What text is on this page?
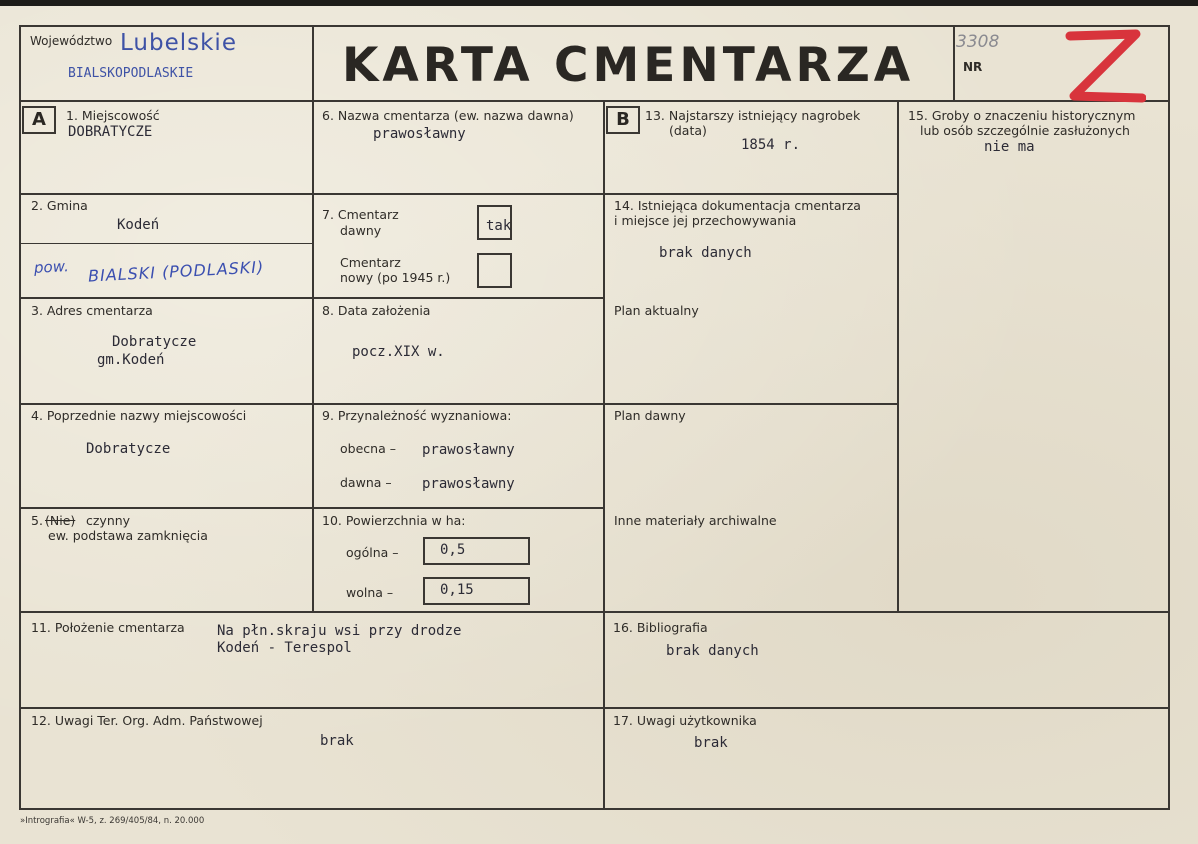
Województwo Lubelskie
BIALSKOPODLASKIE	KARTA CMENTARZA 3308
NR
A	B
1. Miejscowość
DOBRATYCZE
2. Gmina
Kodeń
pow. BIALSKI (PODLASKI)
3. Adres cmentarza
Dobratycze
gm.Kodeń
4. Poprzednie nazwy miejscowości
Dobratycze
5. (Nie) czynny
ew. podstawa zamknięcia
11. Położenie cmentarza Na płn.skraju wsi przy drodze
Kodeń - Terespol
12. Uwagi Ter. Org. Adm. Państwowej
brak
6. Nazwa cmentarza (ew. nazwa dawna)
prawosławny
7. Cmentarz
dawny	tak
Cmentarz
nowy (po 1945 r.)
8. Data założenia
pocz.XIX w.
9. Przynależność wyznaniowa:
obecna – prawosławny
dawna – prawosławny
10. Powierzchnia w ha:
ogólna –	0,5
wolna –	0,15
13. Najstarszy istniejący nagrobek
(data)
1854 r.
14. Istniejąca dokumentacja cmentarza
i miejsce jej przechowywania
brak danych
Plan aktualny
Plan dawny
Inne materiały archiwalne
16. Bibliografia
brak danych
17. Uwagi użytkownika
brak
15. Groby o znaczeniu historycznym
lub osób szczególnie zasłużonych
nie ma
»Intrografia« W-5, z. 269/405/84, n. 20.000
